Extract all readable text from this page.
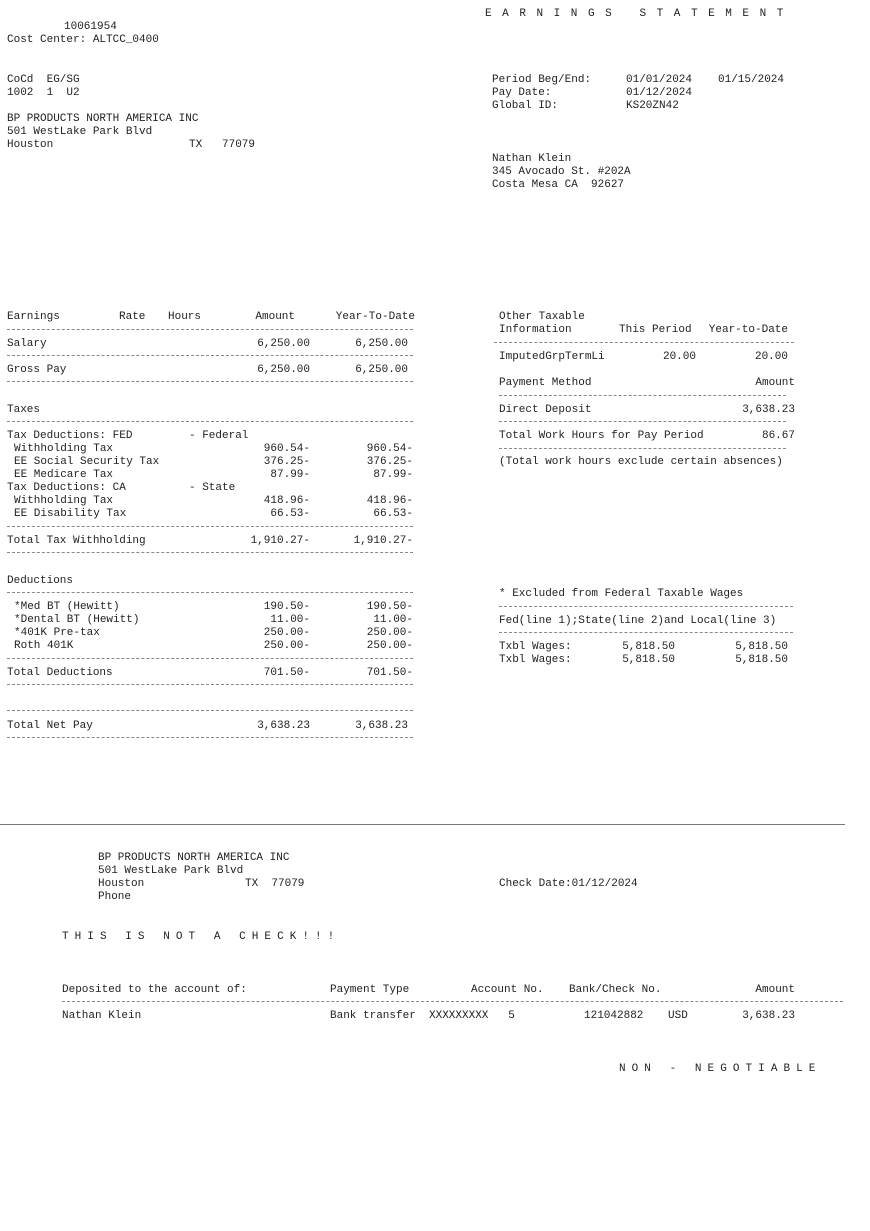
10061954
Cost Center: ALTCC_0400
E A R N I N G S   S T A T E M E N T
CoCd  EG/SG
1002  1  U2
Period Beg/End:	01/01/2024 01/15/2024
Pay Date:	01/12/2024
Global ID:	KS20ZN42
BP PRODUCTS NORTH AMERICA INC
501 WestLake Park Blvd
Houston	TX   77079
Nathan Klein
345 Avocado St. #202A
Costa Mesa CA  92627
Earnings	Rate Hours	Amount	Year-To-Date
Salary	6,250.00	6,250.00
Gross Pay	6,250.00	6,250.00
Taxes
Tax Deductions: FED	- Federal
Withholding Tax	960.54-	960.54-
EE Social Security Tax	376.25-	376.25-
EE Medicare Tax	87.99-	87.99-
Tax Deductions: CA	- State
Withholding Tax	418.96-	418.96-
EE Disability Tax	66.53-	66.53-
Total Tax Withholding	1,910.27-	1,910.27-
Deductions
*Med BT (Hewitt)	190.50-	190.50-
*Dental BT (Hewitt)	11.00-	11.00-
*401K Pre-tax	250.00-	250.00-
Roth 401K	250.00-	250.00-
Total Deductions	701.50-	701.50-
Total Net Pay	3,638.23	3,638.23
Other Taxable
Information	This Period	Year-to-Date
ImputedGrpTermLi	20.00	20.00
Payment Method	Amount
Direct Deposit	3,638.23
Total Work Hours for Pay Period	86.67
(Total work hours exclude certain absences)
* Excluded from Federal Taxable Wages
Fed(line 1);State(line 2)and Local(line 3)
Txbl Wages:	5,818.50	5,818.50
Txbl Wages:	5,818.50	5,818.50
BP PRODUCTS NORTH AMERICA INC
501 WestLake Park Blvd
Houston	TX  77079
Phone
Check Date:01/12/2024
THIS IS NOT A CHECK!!!
Deposited to the account of:	Payment Type	Account No. Bank/Check No.	Amount
Nathan Klein	Bank transfer XXXXXXXXX   5	121042882 USD	3,638.23
NON - NEGOTIABLE
